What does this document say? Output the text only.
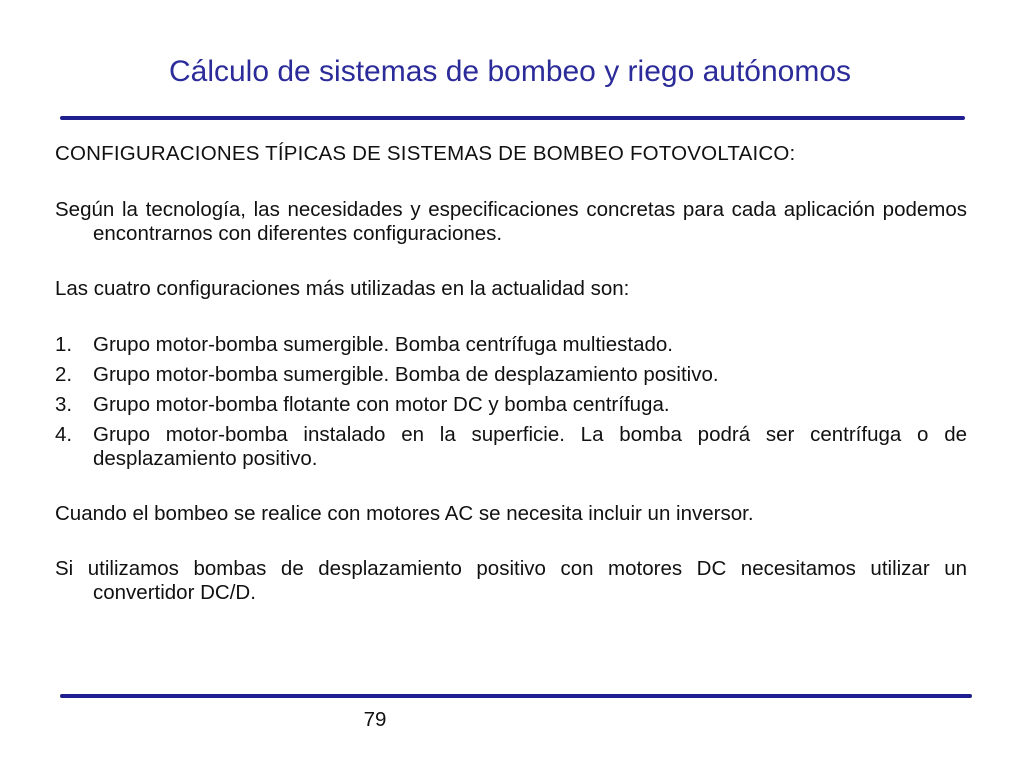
Cálculo de sistemas de bombeo y riego autónomos

CONFIGURACIONES TÍPICAS DE SISTEMAS DE BOMBEO FOTOVOLTAICO:

Según la tecnología, las necesidades y especificaciones concretas para cada aplicación podemos encontrarnos con diferentes configuraciones.

Las cuatro configuraciones más utilizadas en la actualidad son:

1.	Grupo motor-bomba sumergible. Bomba centrífuga multiestado.
2.	Grupo motor-bomba sumergible. Bomba de desplazamiento positivo.
3.	Grupo motor-bomba flotante con motor DC y bomba centrífuga.
4.	Grupo motor-bomba instalado en la superficie. La bomba podrá ser centrífuga o de desplazamiento positivo.

Cuando el bombeo se realice con motores AC se necesita incluir un inversor.

Si utilizamos bombas de desplazamiento positivo con motores DC necesitamos utilizar un convertidor DC/D.

79
